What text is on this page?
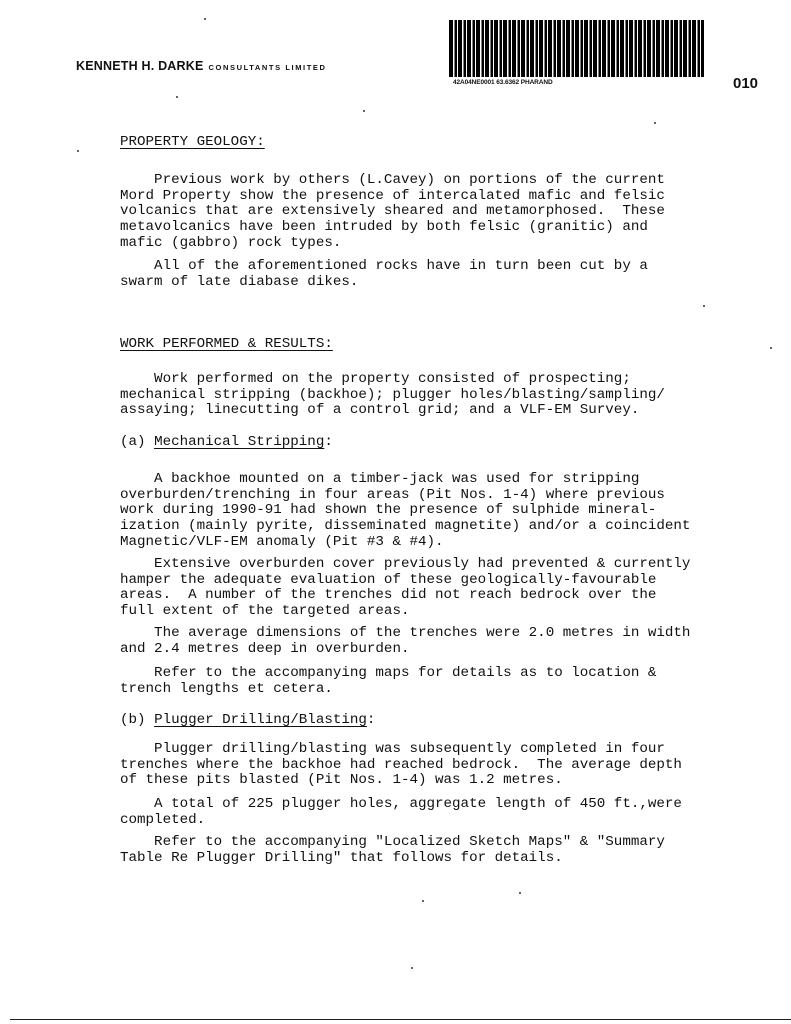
KENNETH H. DARKE CONSULTANTS LIMITED
42A04NE0001 63.6362 PHARAND	010
PROPERTY GEOLOGY:

Previous work by others (L.Cavey) on portions of the current
Mord Property show the presence of intercalated mafic and felsic
volcanics that are extensively sheared and metamorphosed.  These
metavolcanics have been intruded by both felsic (granitic) and
mafic (gabbro) rock types.

All of the aforementioned rocks have in turn been cut by a
swarm of late diabase dikes.

WORK PERFORMED & RESULTS:

Work performed on the property consisted of prospecting;
mechanical stripping (backhoe); plugger holes/blasting/sampling/
assaying; linecutting of a control grid; and a VLF-EM Survey.

(a) Mechanical Stripping:

A backhoe mounted on a timber-jack was used for stripping
overburden/trenching in four areas (Pit Nos. 1-4) where previous
work during 1990-91 had shown the presence of sulphide mineral-
ization (mainly pyrite, disseminated magnetite) and/or a coincident
Magnetic/VLF-EM anomaly (Pit #3 & #4).

Extensive overburden cover previously had prevented & currently
hamper the adequate evaluation of these geologically-favourable
areas.  A number of the trenches did not reach bedrock over the
full extent of the targeted areas.

The average dimensions of the trenches were 2.0 metres in width
and 2.4 metres deep in overburden.

Refer to the accompanying maps for details as to location &
trench lengths et cetera.

(b) Plugger Drilling/Blasting:

Plugger drilling/blasting was subsequently completed in four
trenches where the backhoe had reached bedrock.  The average depth
of these pits blasted (Pit Nos. 1-4) was 1.2 metres.

A total of 225 plugger holes, aggregate length of 450 ft.,were
completed.

Refer to the accompanying "Localized Sketch Maps" & "Summary
Table Re Plugger Drilling" that follows for details.
